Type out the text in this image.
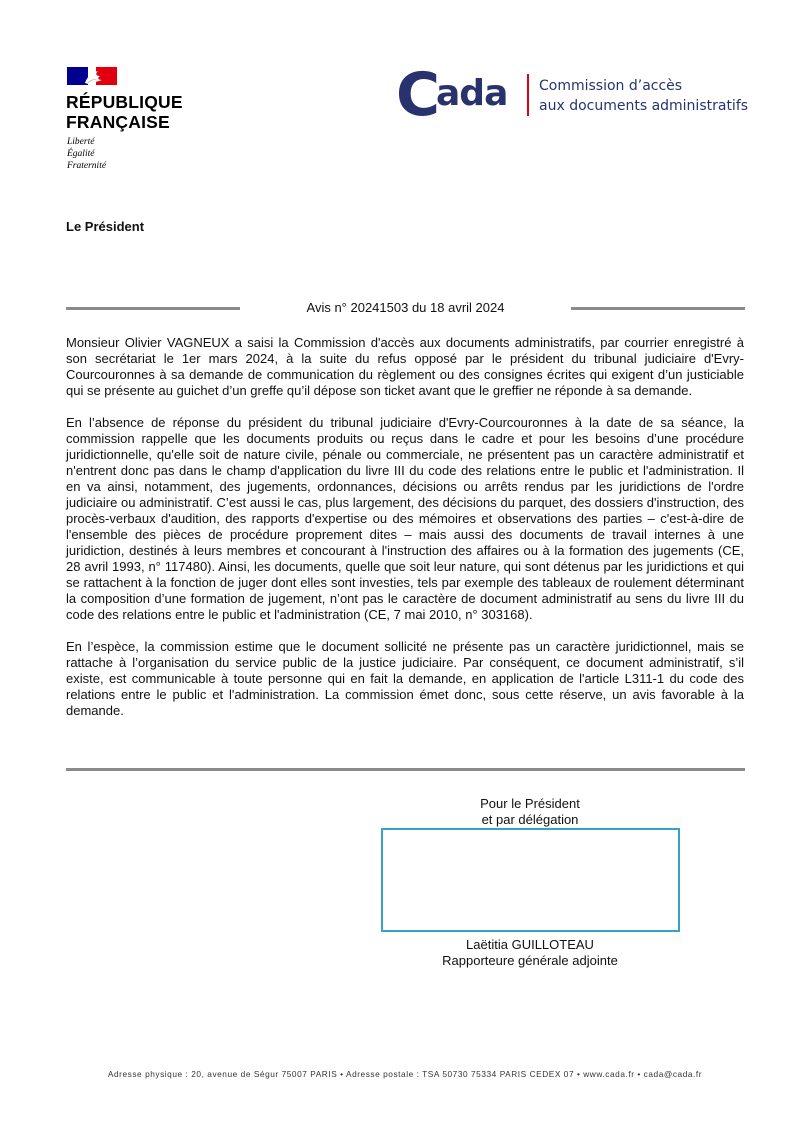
RÉPUBLIQUE
FRANÇAISE
Liberté
Égalité
Fraternité
C
ada Commission d’accès
aux documents administratifs
Le Président
Avis n° 20241503 du 18 avril 2024

Monsieur Olivier VAGNEUX a saisi la Commission d'accès aux documents administratifs, par courrier enregistré à son secrétariat le 1er mars 2024, à la suite du refus opposé par le président du tribunal judiciaire d'Evry-Courcouronnes à sa demande de communication du règlement ou des consignes écrites qui exigent d’un justiciable qui se présente au guichet d’un greffe qu’il dépose son ticket avant que le greffier ne réponde à sa demande.

En l’absence de réponse du président du tribunal judiciaire d'Evry-Courcouronnes à la date de sa séance, la commission rappelle que les documents produits ou reçus dans le cadre et pour les besoins d’une procédure juridictionnelle, qu'elle soit de nature civile, pénale ou commerciale, ne présentent pas un caractère administratif et n'entrent donc pas dans le champ d'application du livre III du code des relations entre le public et l'administration. Il en va ainsi, notamment, des jugements, ordonnances, décisions ou arrêts rendus par les juridictions de l'ordre judiciaire ou administratif. C’est aussi le cas, plus largement, des décisions du parquet, des dossiers d'instruction, des procès-verbaux d'audition, des rapports d'expertise ou des mémoires et observations des parties – c'est-à-dire de l'ensemble des pièces de procédure proprement dites – mais aussi des documents de travail internes à une juridiction, destinés à leurs membres et concourant à l'instruction des affaires ou à la formation des jugements (CE, 28 avril 1993, n° 117480). Ainsi, les documents, quelle que soit leur nature, qui sont détenus par les juridictions et qui se rattachent à la fonction de juger dont elles sont investies, tels par exemple des tableaux de roulement déterminant la composition d’une formation de jugement, n’ont pas le caractère de document administratif au sens du livre III du code des relations entre le public et l'administration (CE, 7 mai 2010, n° 303168).

En l’espèce, la commission estime que le document sollicité ne présente pas un caractère juridictionnel, mais se rattache à l’organisation du service public de la justice judiciaire. Par conséquent, ce document administratif, s’il existe, est communicable à toute personne qui en fait la demande, en application de l'article L311-1 du code des relations entre le public et l'administration. La commission émet donc, sous cette réserve, un avis favorable à la demande.

Pour le Président
et par délégation
Laëtitia GUILLOTEAU
Rapporteure générale adjointe
Adresse physique : 20, avenue de Ségur 75007 PARIS • Adresse postale : TSA 50730 75334 PARIS CEDEX 07 • www.cada.fr • cada@cada.fr
